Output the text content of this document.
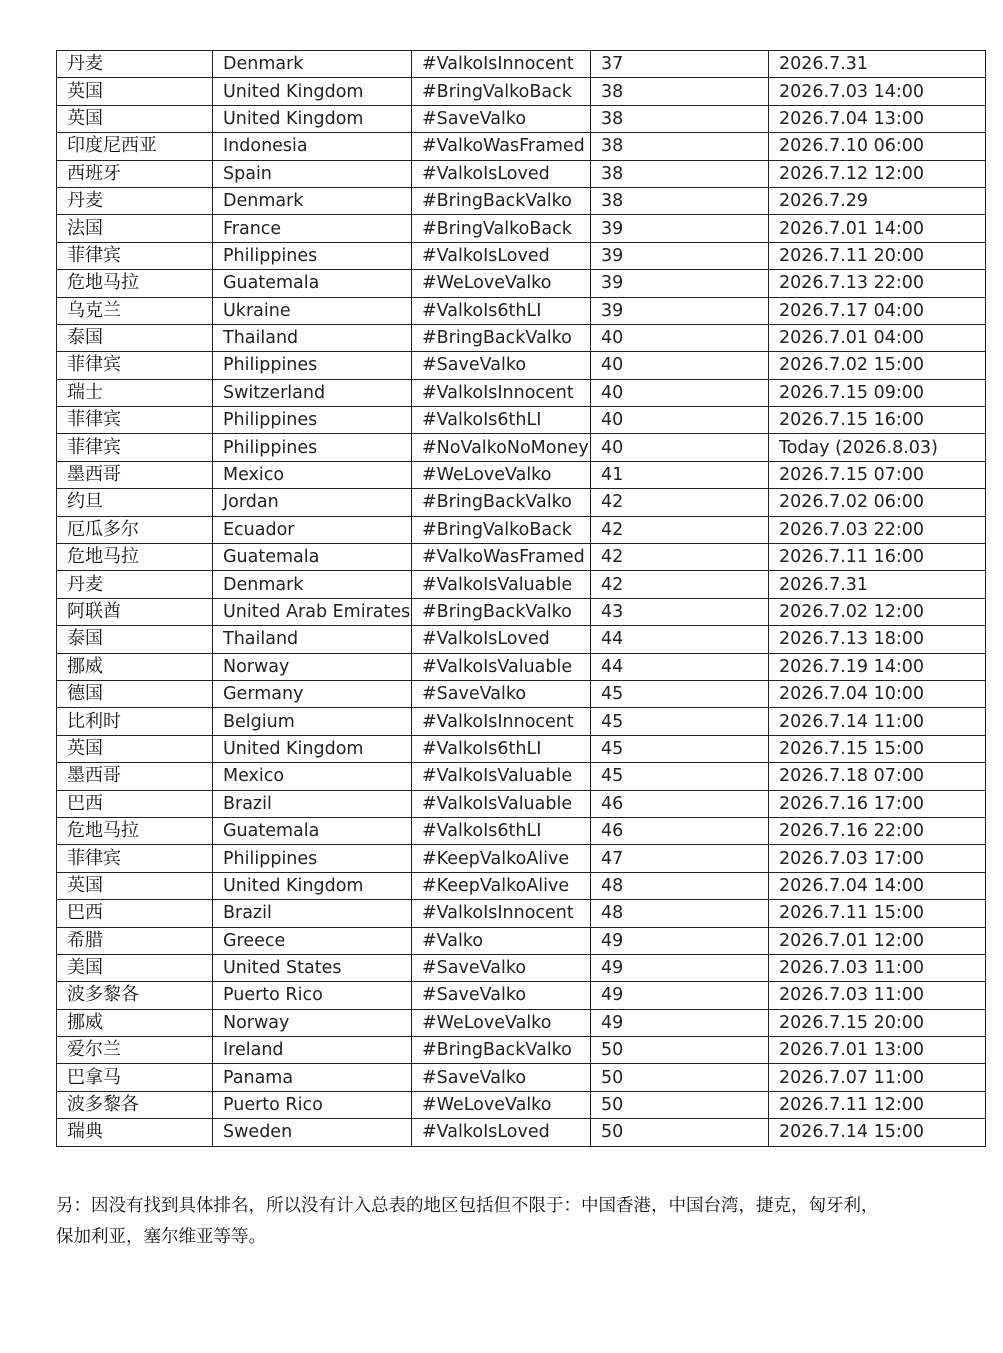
丹麦	Denmark	#ValkoIsInnocent	37	2026.7.31
英国	United Kingdom	#BringValkoBack	38	2026.7.03 14:00
英国	United Kingdom	#SaveValko	38	2026.7.04 13:00
印度尼西亚	Indonesia	#ValkoWasFramed	38	2026.7.10 06:00
西班牙	Spain	#ValkoIsLoved	38	2026.7.12 12:00
丹麦	Denmark	#BringBackValko	38	2026.7.29
法国	France	#BringValkoBack	39	2026.7.01 14:00
菲律宾	Philippines	#ValkoIsLoved	39	2026.7.11 20:00
危地马拉	Guatemala	#WeLoveValko	39	2026.7.13 22:00
乌克兰	Ukraine	#ValkoIs6thLI	39	2026.7.17 04:00
泰国	Thailand	#BringBackValko	40	2026.7.01 04:00
菲律宾	Philippines	#SaveValko	40	2026.7.02 15:00
瑞士	Switzerland	#ValkoIsInnocent	40	2026.7.15 09:00
菲律宾	Philippines	#ValkoIs6thLI	40	2026.7.15 16:00
菲律宾	Philippines	#NoValkoNoMoney	40	Today (2026.8.03)
墨西哥	Mexico	#WeLoveValko	41	2026.7.15 07:00
约旦	Jordan	#BringBackValko	42	2026.7.02 06:00
厄瓜多尔	Ecuador	#BringValkoBack	42	2026.7.03 22:00
危地马拉	Guatemala	#ValkoWasFramed	42	2026.7.11 16:00
丹麦	Denmark	#ValkoIsValuable	42	2026.7.31
阿联酋	United Arab Emirates	#BringBackValko	43	2026.7.02 12:00
泰国	Thailand	#ValkoIsLoved	44	2026.7.13 18:00
挪威	Norway	#ValkoIsValuable	44	2026.7.19 14:00
德国	Germany	#SaveValko	45	2026.7.04 10:00
比利时	Belgium	#ValkoIsInnocent	45	2026.7.14 11:00
英国	United Kingdom	#ValkoIs6thLI	45	2026.7.15 15:00
墨西哥	Mexico	#ValkoIsValuable	45	2026.7.18 07:00
巴西	Brazil	#ValkoIsValuable	46	2026.7.16 17:00
危地马拉	Guatemala	#ValkoIs6thLI	46	2026.7.16 22:00
菲律宾	Philippines	#KeepValkoAlive	47	2026.7.03 17:00
英国	United Kingdom	#KeepValkoAlive	48	2026.7.04 14:00
巴西	Brazil	#ValkoIsInnocent	48	2026.7.11 15:00
希腊	Greece	#Valko	49	2026.7.01 12:00
美国	United States	#SaveValko	49	2026.7.03 11:00
波多黎各	Puerto Rico	#SaveValko	49	2026.7.03 11:00
挪威	Norway	#WeLoveValko	49	2026.7.15 20:00
爱尔兰	Ireland	#BringBackValko	50	2026.7.01 13:00
巴拿马	Panama	#SaveValko	50	2026.7.07 11:00
波多黎各	Puerto Rico	#WeLoveValko	50	2026.7.11 12:00
瑞典	Sweden	#ValkoIsLoved	50	2026.7.14 15:00
另：因没有找到具体排名，所以没有计入总表的地区包括但不限于：中国香港，中国台湾，捷克，匈牙利，
保加利亚，塞尔维亚等等。
